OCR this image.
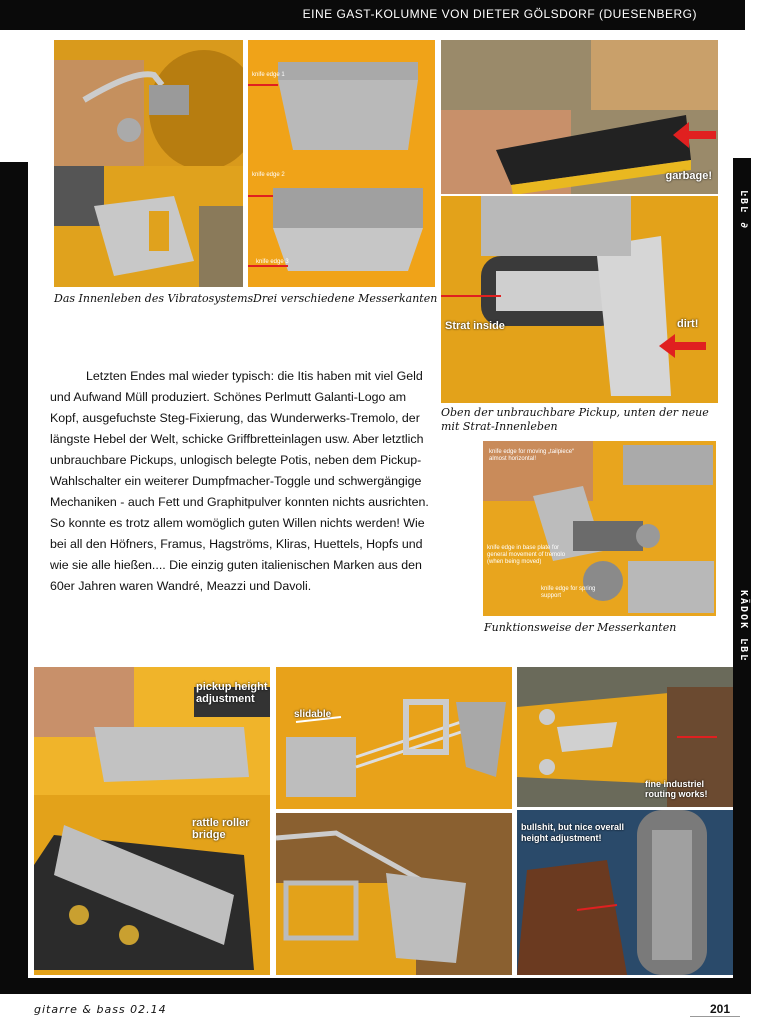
EINE GAST-KOLUMNE VON DIETER GÖLSDORF (DUESENBERG)
ĿBĿ ∂
KÄDOK ĿBĿ
knife edge 1
knife edge 2
knife edge 3
garbage!
Strat inside	dirt!
Das Innenleben des Vibratosystems Drei verschiedene Messerkanten
Oben der unbrauchbare Pickup, unten der neue mit Strat-Innenleben

Letzten Endes mal wieder typisch: die Itis haben mit viel Geld und Aufwand Müll produziert. Schönes Perlmutt Galanti-Logo am Kopf, ausgefuchste Steg-Fixierung, das Wunderwerks-Tremolo, der längste Hebel der Welt, schicke Griffbretteinlagen usw. Aber letztlich unbrauchbare Pickups, unlogisch belegte Potis, neben dem Pickup-Wahlschalter ein weiterer Dumpfmacher-Toggle und schwergängige Mechaniken - auch Fett und Graphitpulver konnten nichts ausrichten. So konnte es trotz allem womöglich guten Willen nichts werden! Wie bei all den Höfners, Framus, Hagströms, Kliras, Huettels, Hopfs und wie sie alle hießen.... Die einzig guten italienischen Marken aus den 60er Jahren waren Wandré, Meazzi und Davoli.

knife edge for moving „tailpiece“ almost horizontal!
knife edge in base plate for general movement of tremolo (when being moved)
knife edge for spring support
Funktionsweise der Messerkanten
pickup height adjustment
rattle roller bridge
slidable
fine industriel routing works!
bullshit, but nice overall height adjustment!
gitarre & bass 02.14	201
